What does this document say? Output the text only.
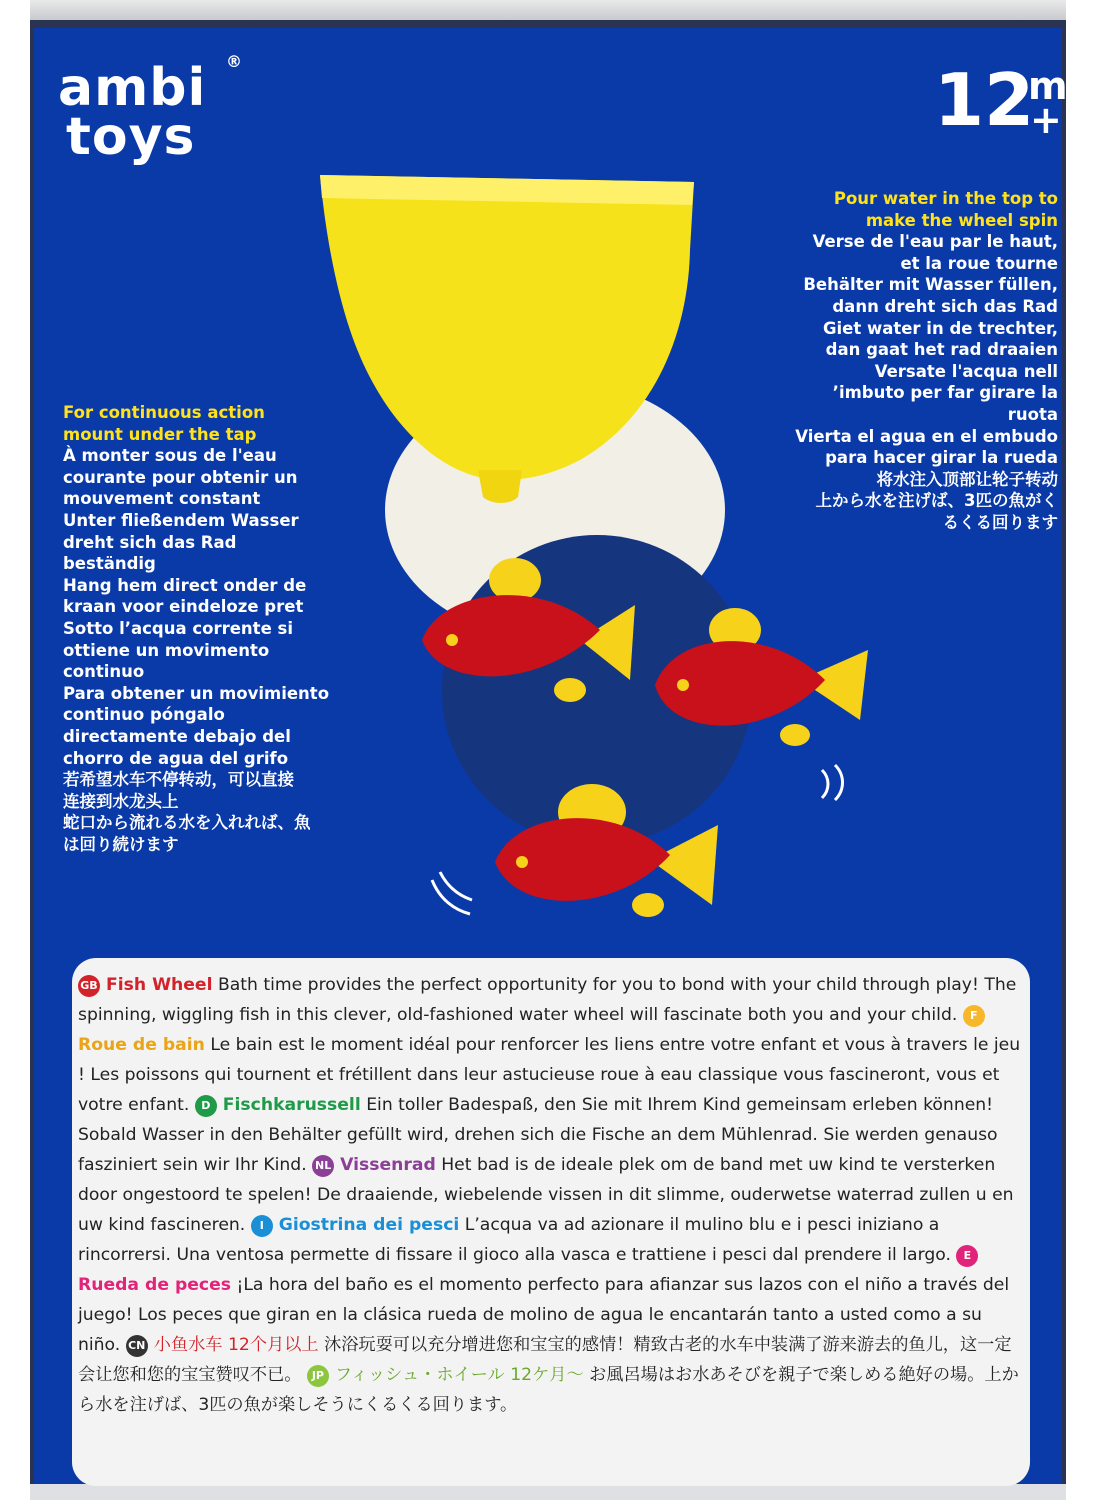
ambi
toys
®	12
m
+
Pour water in the top to
make the wheel spin
Verse de l'eau par le haut,
et la roue tourne
Behälter mit Wasser füllen,
dann dreht sich das Rad
Giet water in de trechter,
dan gaat het rad draaien
Versate l'acqua nell
’imbuto per far girare la
ruota
Vierta el agua en el embudo
para hacer girar la rueda
将水注入顶部让轮子转动
上から水を注げば、3匹の魚がく
るくる回ります
For continuous action
mount under the tap
À monter sous de l'eau
courante pour obtenir un
mouvement constant
Unter fließendem Wasser
dreht sich das Rad
beständig
Hang hem direct onder de
kraan voor eindeloze pret
Sotto l’acqua corrente si
ottiene un movimento
continuo
Para obtener un movimiento
continuo póngalo
directamente debajo del
chorro de agua del grifo
若希望水车不停转动，可以直接
连接到水龙头上
蛇口から流れる水を入れれば、魚
は回り続けます

GB Fish Wheel Bath time provides the perfect opportunity for you to bond with your child through play! The spinning, wiggling fish in this clever, old-fashioned water wheel will fascinate both you and your child. FRoue de bain Le bain est le moment idéal pour renforcer les liens entre votre enfant et vous à travers le jeu ! Les poissons qui tournent et frétillent dans leur astucieuse roue à eau classique vous fascineront, vous et votre enfant. D Fischkarussell Ein toller Badespaß, den Sie mit Ihrem Kind gemeinsam erleben können! Sobald Wasser in den Behälter gefüllt wird, drehen sich die Fische an dem Mühlenrad. Sie werden genauso fasziniert sein wir Ihr Kind. NL Vissenrad Het bad is de ideale plek om de band met uw kind te versterken door ongestoord te spelen! De draaiende, wiebelende vissen in dit slimme, ouderwetse waterrad zullen u en uw kind fascineren. I Giostrina dei pesci L’acqua va ad azionare il mulino blu e i pesci iniziano a rincorrersi. Una ventosa permette di fissare il gioco alla vasca e trattiene i pesci dal prendere il largo. ERueda de peces ¡La hora del baño es el momento perfecto para afianzar sus lazos con el niño a través del juego! Los peces que giran en la clásica rueda de molino de agua le encantarán tanto a usted como a su niño. CN 小鱼水车 12个月以上 沐浴玩耍可以充分增进您和宝宝的感情！精致古老的水车中装满了游来游去的鱼儿，这一定会让您和您的宝宝赞叹不已。 JP フィッシュ・ホイール 12ケ月〜 お風呂場はお水あそびを親子で楽しめる絶好の場。上から水を注げば、3匹の魚が楽しそうにくるくる回ります。
